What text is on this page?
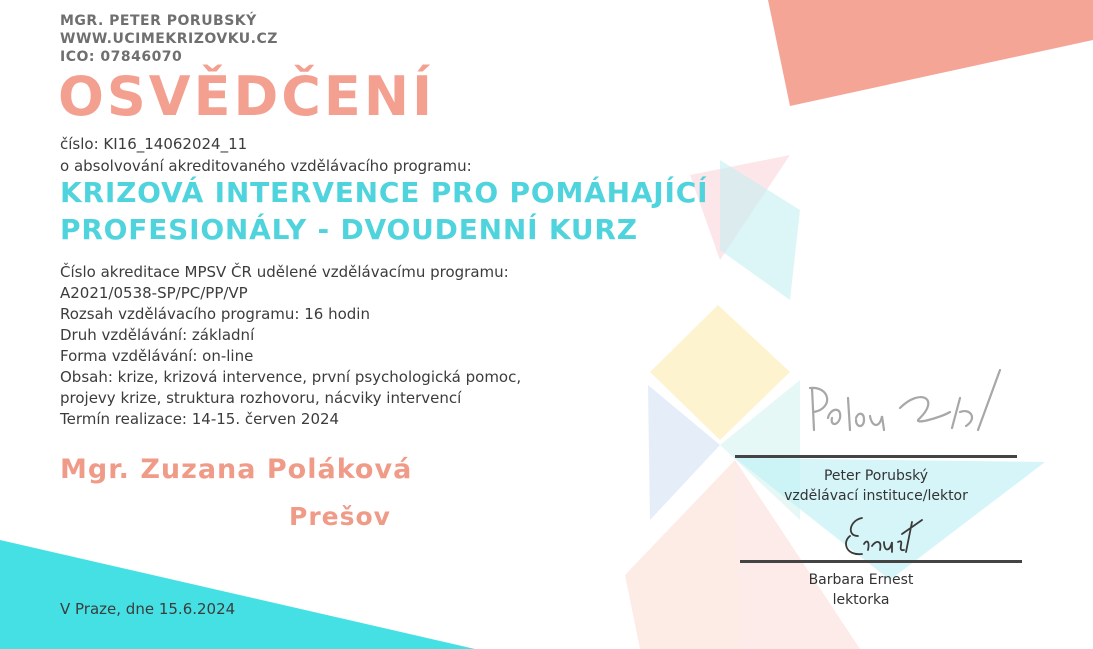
MGR. PETER PORUBSKÝ
WWW.UCIMEKRIZOVKU.CZ
ICO: 07846070
OSVĚDČENÍ
číslo: KI16_14062024_11
o absolvování akreditovaného vzdělávacího programu:
KRIZOVÁ INTERVENCE PRO POMÁHAJÍCÍ
PROFESIONÁLY - DVOUDENNÍ KURZ
Číslo akreditace MPSV ČR udělené vzdělávacímu programu:
A2021/0538-SP/PC/PP/VP
Rozsah vzdělávacího programu: 16 hodin
Druh vzdělávání: základní
Forma vzdělávání: on-line
Obsah: krize, krizová intervence, první psychologická pomoc,
projevy krize, struktura rozhovoru, nácviky intervencí
Termín realizace: 14-15. červen 2024
Mgr. Zuzana Poláková
Prešov
V Praze, dne 15.6.2024
Peter Porubský
vzdělávací instituce/lektor
Barbara Ernest
lektorka
